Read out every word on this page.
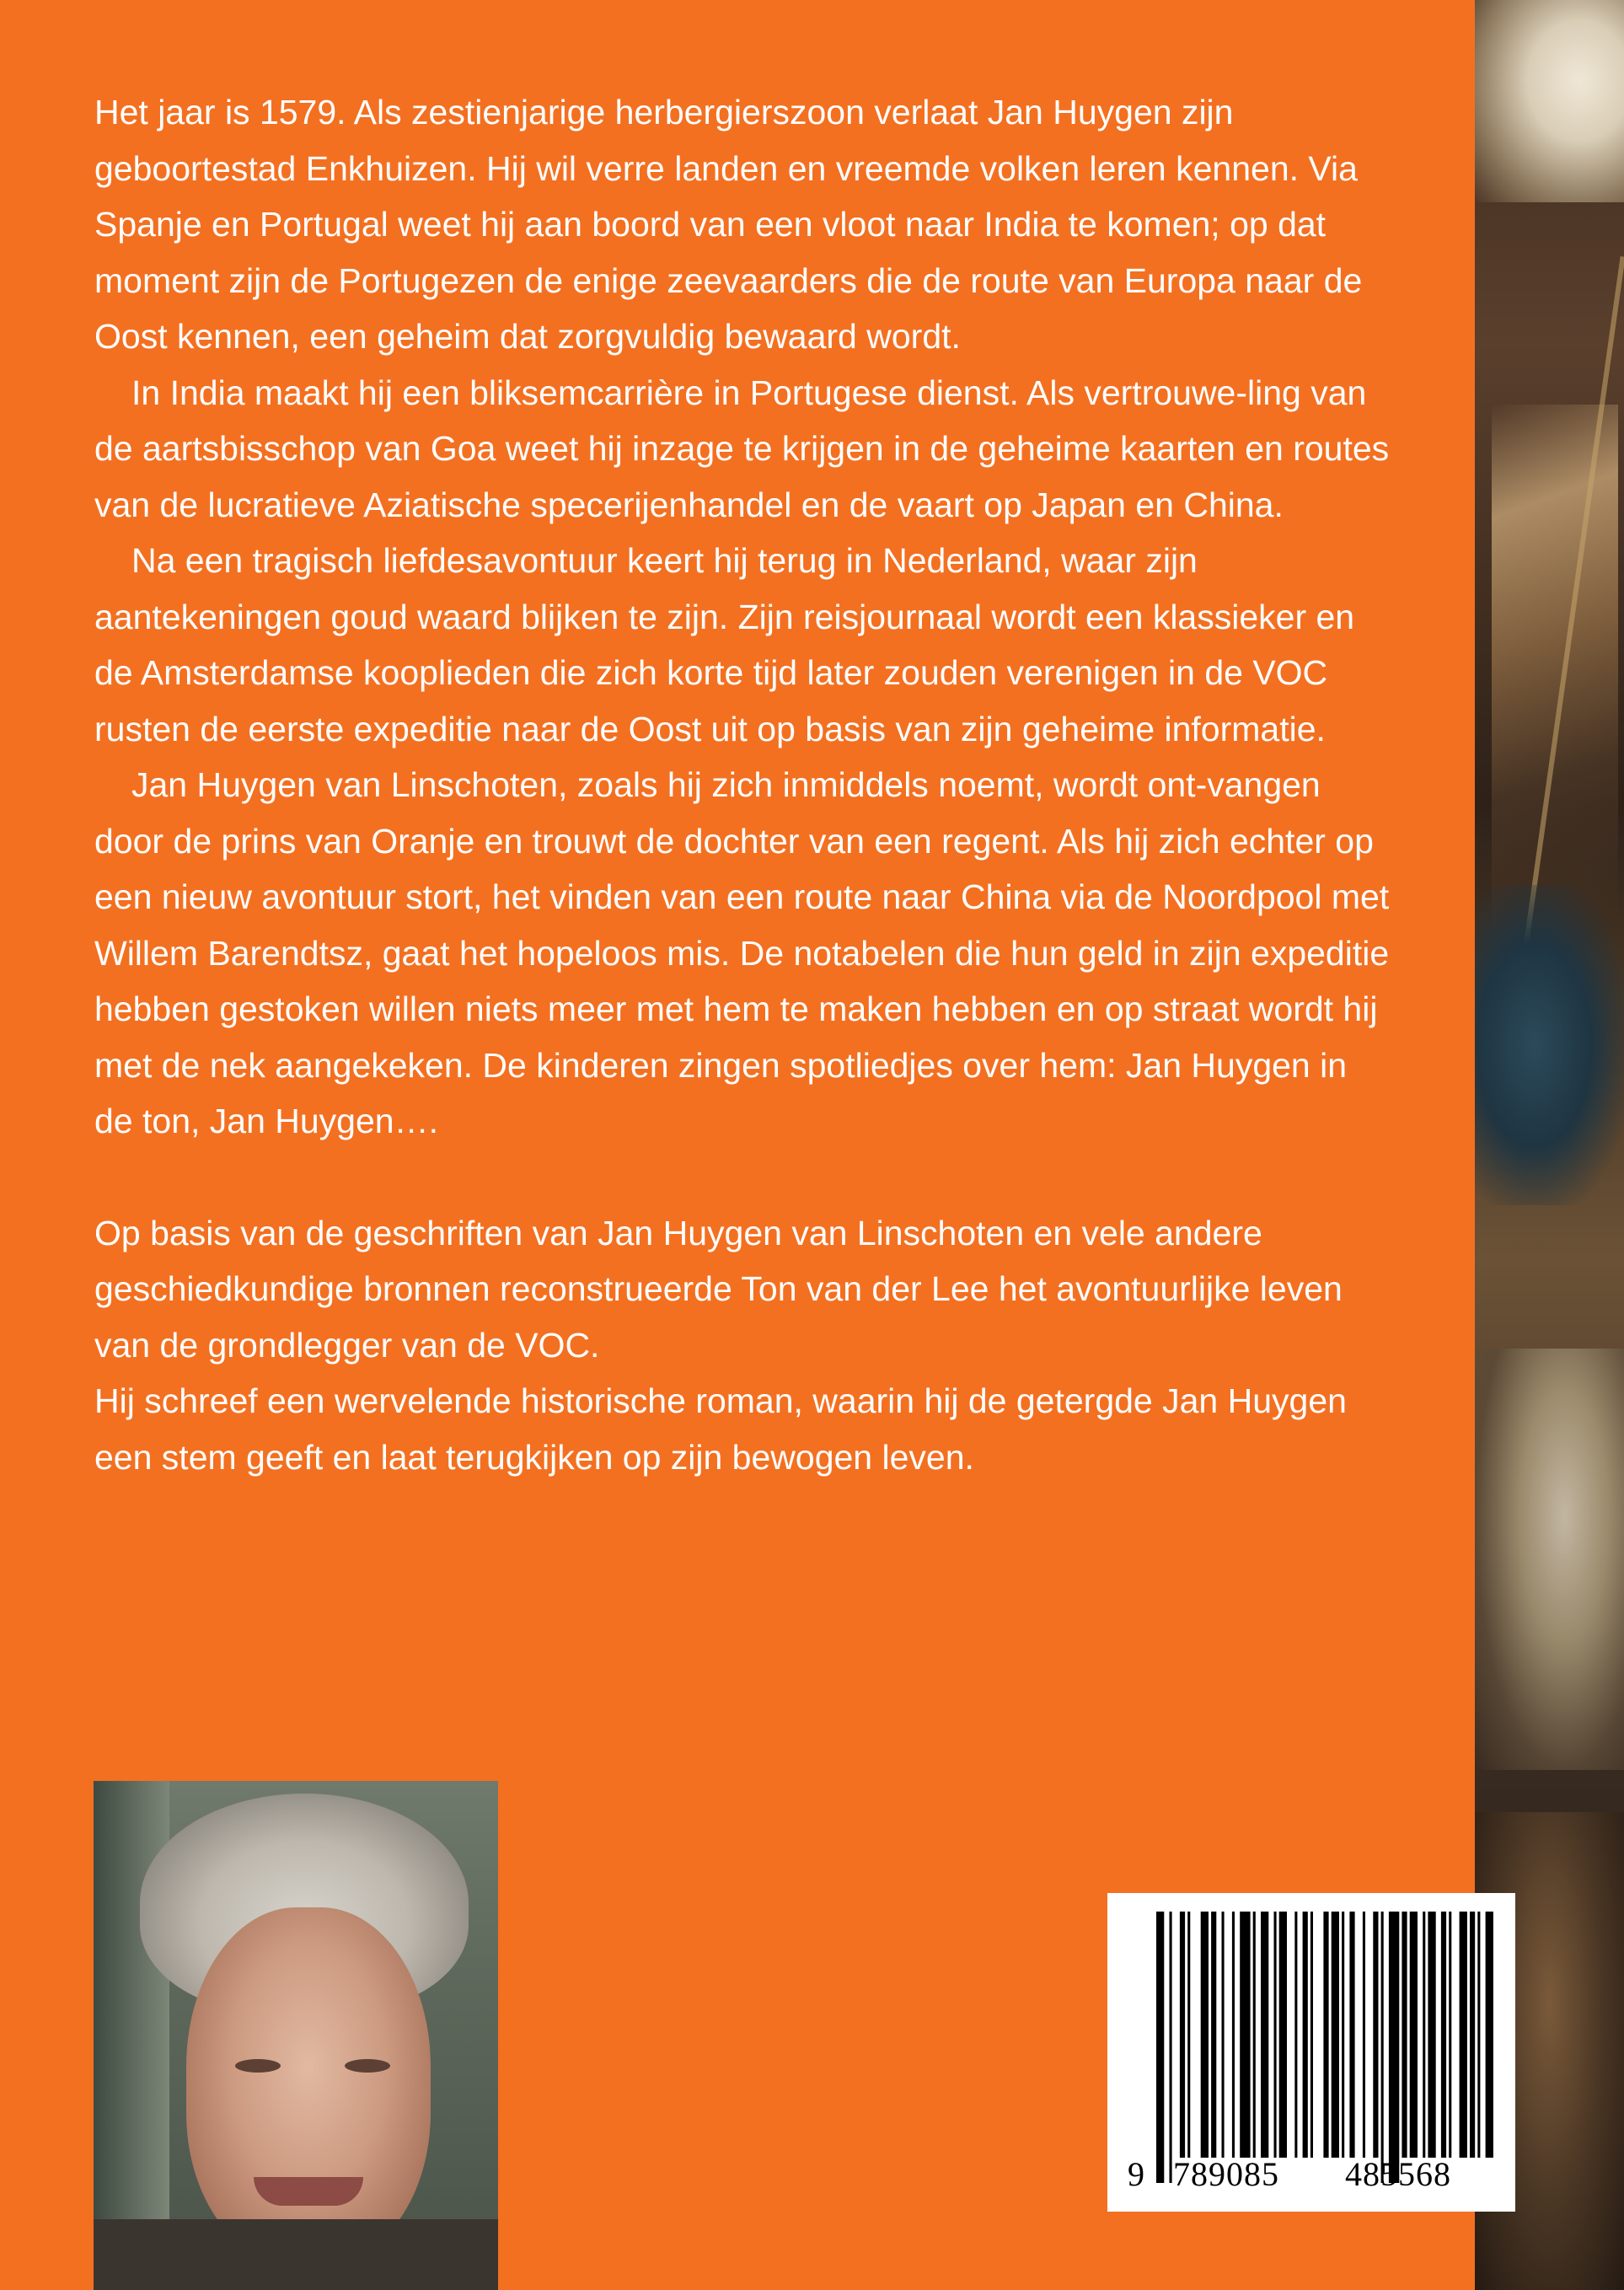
Het jaar is 1579. Als zestienjarige herbergierszoon verlaat Jan Huygen zijn geboortestad Enkhuizen. Hij wil verre landen en vreemde volken leren kennen. Via Spanje en Portugal weet hij aan boord van een vloot naar India te komen; op dat moment zijn de Portugezen de enige zeevaarders die de route van Europa naar de Oost kennen, een geheim dat zorgvuldig bewaard wordt.

In India maakt hij een bliksemcarrière in Portugese dienst. Als vertrouwe-ling van de aartsbisschop van Goa weet hij inzage te krijgen in de geheime kaarten en routes van de lucratieve Aziatische specerijenhandel en de vaart op Japan en China.

Na een tragisch liefdesavontuur keert hij terug in Nederland, waar zijn aantekeningen goud waard blijken te zijn. Zijn reisjournaal wordt een klassieker en de Amsterdamse kooplieden die zich korte tijd later zouden verenigen in de VOC rusten de eerste expeditie naar de Oost uit op basis van zijn geheime informatie.

Jan Huygen van Linschoten, zoals hij zich inmiddels noemt, wordt ont-vangen door de prins van Oranje en trouwt de dochter van een regent. Als hij zich echter op een nieuw avontuur stort, het vinden van een route naar China via de Noordpool met Willem Barendtsz, gaat het hopeloos mis. De notabelen die hun geld in zijn expeditie hebben gestoken willen niets meer met hem te maken hebben en op straat wordt hij met de nek aangekeken. De kinderen zingen spotliedjes over hem: Jan Huygen in de ton, Jan Huygen….

Op basis van de geschriften van Jan Huygen van Linschoten en vele andere geschiedkundige bronnen reconstrueerde Ton van der Lee het avontuurlijke leven van de grondlegger van de VOC.

Hij schreef een wervelende historische roman, waarin hij de getergde Jan Huygen een stem geeft en laat terugkijken op zijn bewogen leven.

9 789085 485568
